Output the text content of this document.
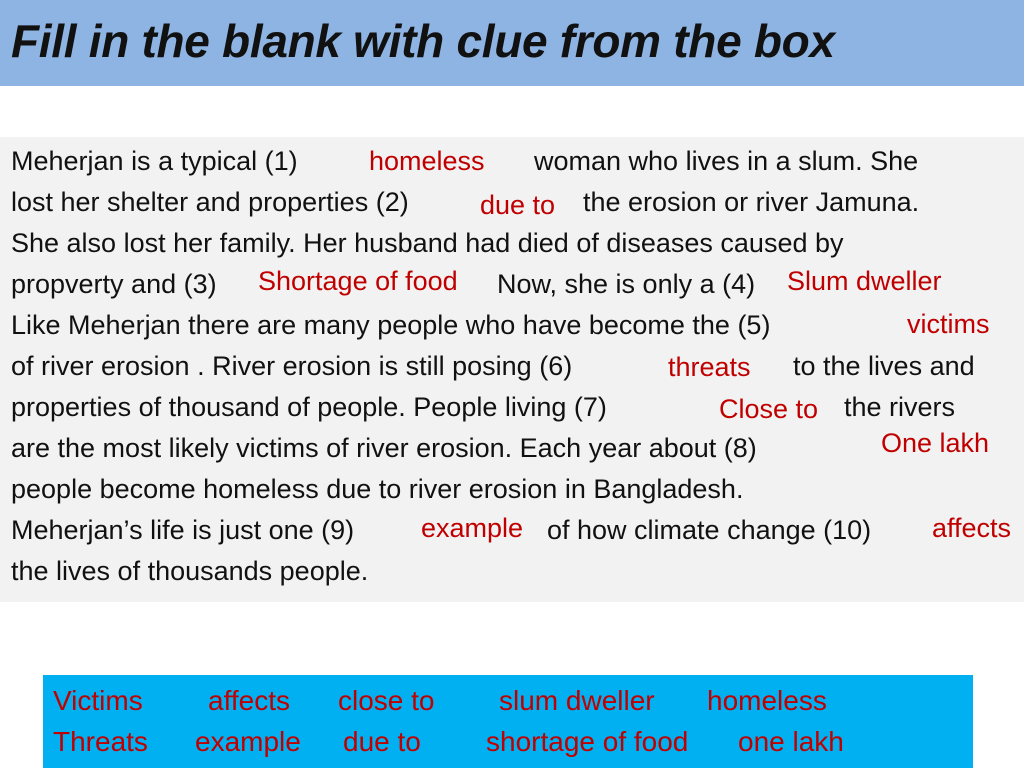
Fill in the blank with clue from the box
Meherjan is a typical (1)	homeless woman who lives in a slum. She
lost her shelter and properties (2)	due to the erosion or river Jamuna.
She also lost her family. Her husband had died of diseases caused by
propverty and (3) Shortage of food Now, she is only a (4) Slum dweller
Like Meherjan there are many people who have become the (5)	victims
of river erosion . River erosion is still posing (6)	threats to the lives and
properties of thousand of people. People living (7)	Close to the rivers
are the most likely victims of river erosion. Each year about (8)	One lakh
people become homeless due to river erosion in Bangladesh.
Meherjan’s life is just one (9) example of how climate change (10) affects
the lives of thousands people.
Victims affects close to slum dweller homeless
Threats example due to shortage of food one lakh
